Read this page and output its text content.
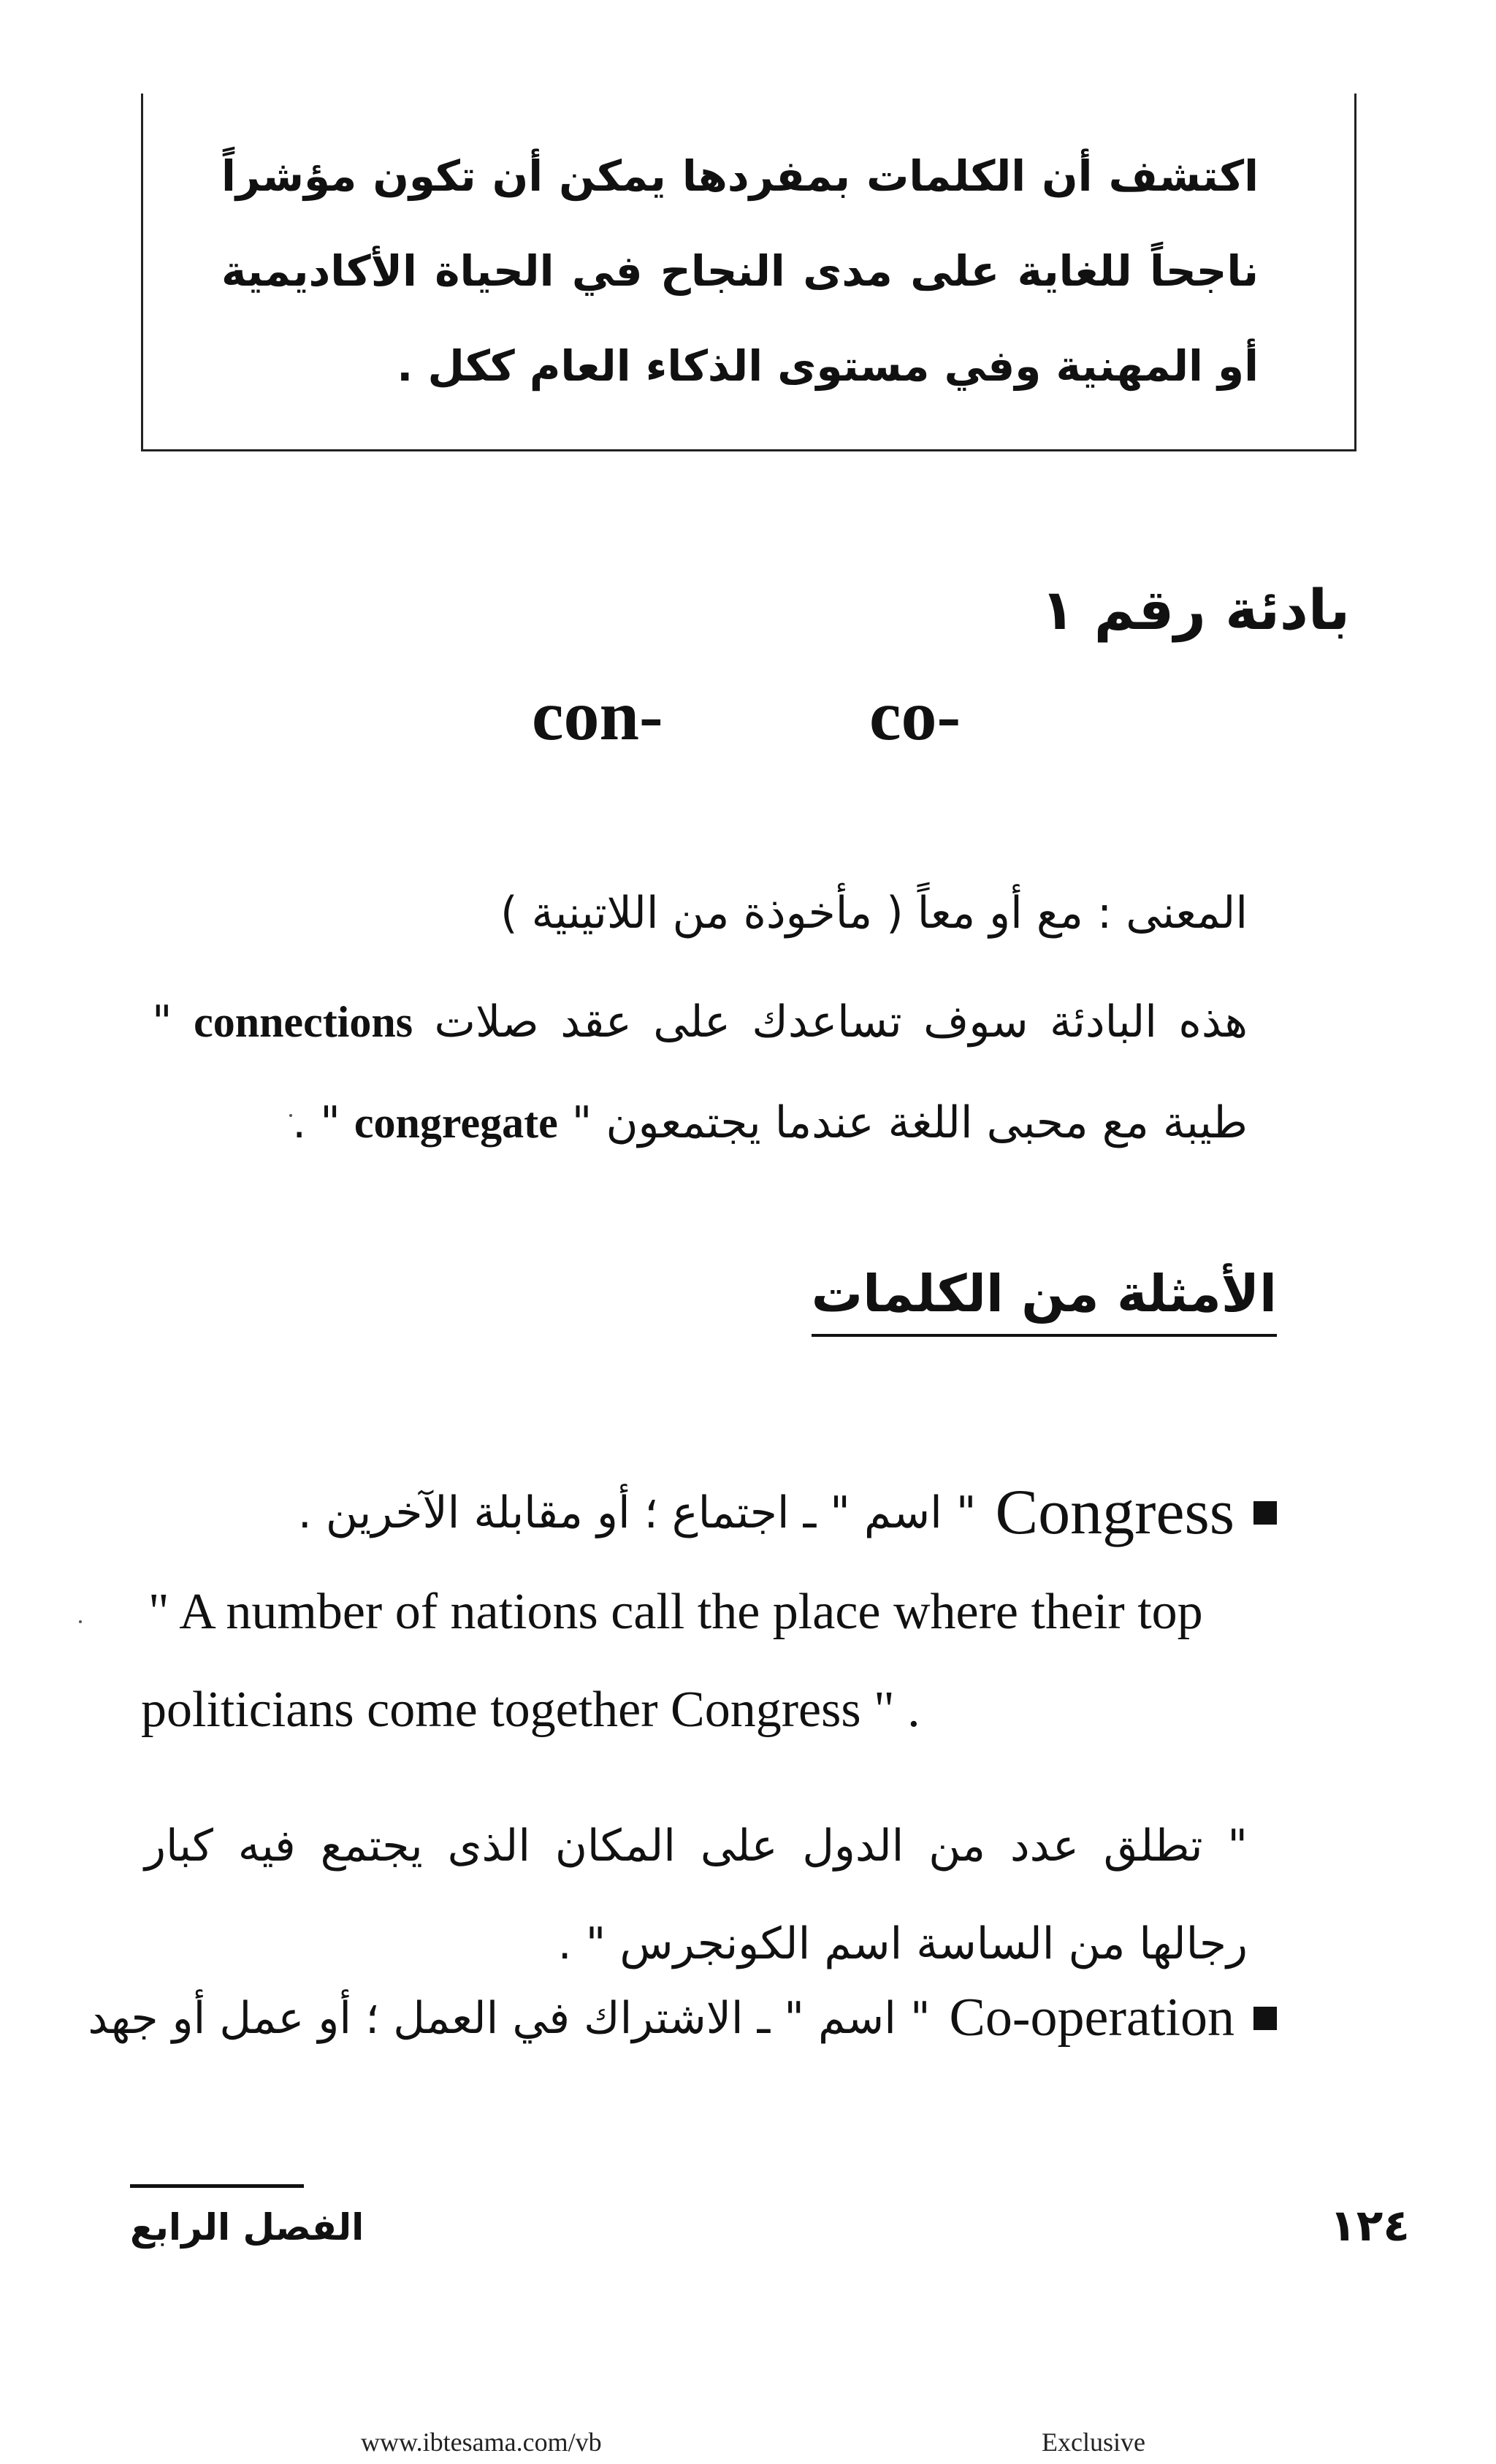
اكتشف أن الكلمات بمفردها يمكن أن تكون مؤشراً ناجحاً للغاية على مدى النجاح في الحياة الأكاديمية أو المهنية وفي مستوى الذكاء العام ككل .
بادئة رقم ١
con-	co-
المعنى : مع أو معاً ( مأخوذة من اللاتينية )
هذه البادئة سوف تساعدك على عقد صلات connections " طيبة مع محبى اللغة عندما يجتمعون " congregate " .
الأمثلة من الكلمات
Congress
" اسم " ـ اجتماع ؛ أو مقابلة الآخرين .
" A number of nations call the place where their top
politicians come together Congress " .
" تطلق عدد من الدول على المكان الذى يجتمع فيه كبار رجالها من الساسة اسم الكونجرس " .
Co-operation
" اسم " ـ الاشتراك في العمل ؛ أو عمل أو جهد
الفصل الرابع	١٢٤
www.ibtesama.com/vb	Exclusive
